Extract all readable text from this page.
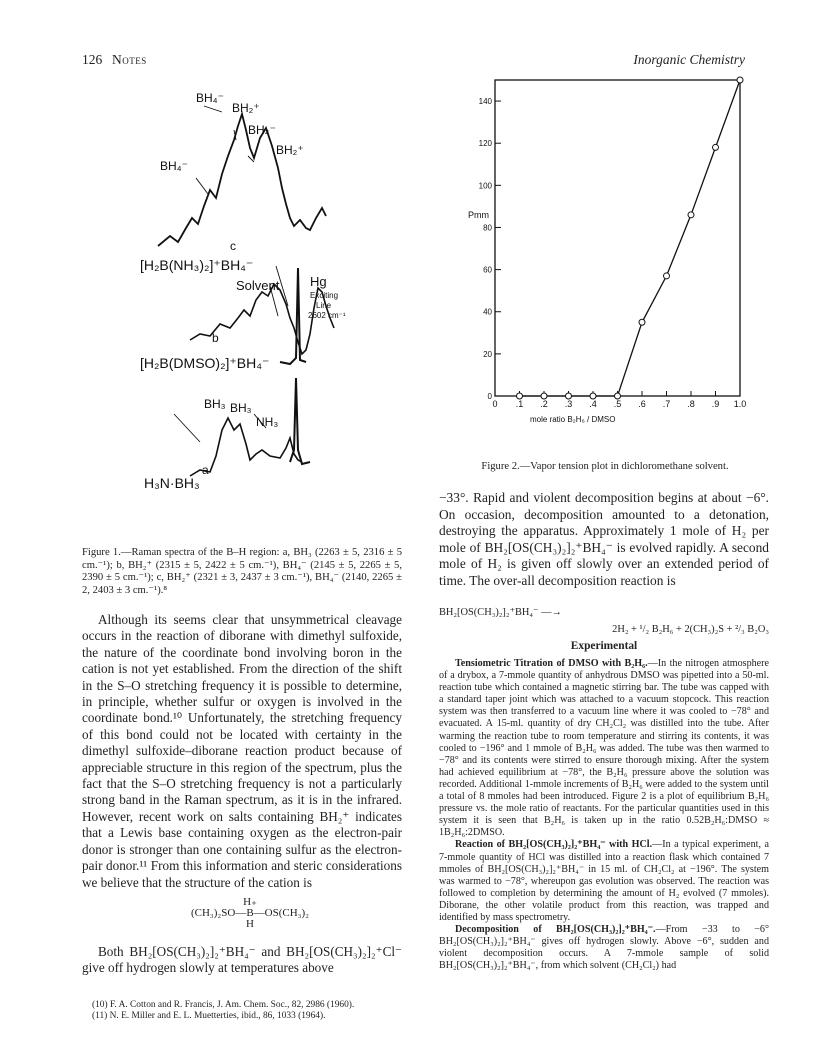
126 Notes	Inorganic Chemistry
BH₄⁻
BH₂⁺
BH₄⁻
BH₂⁺
BH₄⁻
c
[H₂B(NH₃)₂]⁺BH₄⁻
Solvent Hg
Exciting
Line
2602 cm⁻¹
b
[H₂B(DMSO)₂]⁺BH₄⁻
BH₃ BH₃
NH₃
a
H₃N·BH₃
Figure 1.—Raman spectra of the B–H region: a, BH₃ (2263 ± 5, 2316 ± 5 cm.⁻¹); b, BH₂⁺ (2315 ± 5, 2422 ± 5 cm.⁻¹), BH₄⁻ (2145 ± 5, 2265 ± 5, 2390 ± 5 cm.⁻¹); c, BH₂⁺ (2321 ± 3, 2437 ± 3 cm.⁻¹), BH₄⁻ (2140, 2265 ± 2, 2403 ± 3 cm.⁻¹).⁸

Although its seems clear that unsymmetrical cleavage occurs in the reaction of diborane with dimethyl sulfoxide, the nature of the coordinate bond involving boron in the cation is not yet established. From the direction of the shift in the S–O stretching frequency it is possible to determine, in principle, whether sulfur or oxygen is involved in the coordinate bond.¹⁰ Unfortunately, the stretching frequency of this bond could not be located with certainty in the dimethyl sulfoxide–diborane reaction product because of appreciable structure in this region of the spectrum, plus the fact that the S–O stretching frequency is not a particularly strong band in the Raman spectrum, as it is in the infrared. However, recent work on salts containing BH₂⁺ indicates that a Lewis base containing oxygen as the electron-pair donor is stronger than one containing sulfur as the electron-pair donor.¹¹ From this information and steric considerations we believe that the structure of the cation is

H₊
(CH₃)₂SO—B—OS(CH₃)₂
H

Both BH₂[OS(CH₃)₂]₂⁺BH₄⁻ and BH₂[OS(CH₃)₂]₂⁺Cl⁻ give off hydrogen slowly at temperatures above

(10) F. A. Cotton and R. Francis, J. Am. Chem. Soc., 82, 2986 (1960).
(11) N. E. Miller and E. L. Muetterties, ibid., 86, 1033 (1964).
0
20
40
60
80
100
120
140
0 .1 .2 .3 .4 .5 .6 .7 .8 .9 1.0
Pmm
mole ratio B₂H₆ / DMSO
Figure 2.—Vapor tension plot in dichloromethane solvent.

−33°. Rapid and violent decomposition begins at about −6°. On occasion, decomposition amounted to a detonation, destroying the apparatus. Approximately 1 mole of H₂ per mole of BH₂[OS(CH₃)₂]₂⁺BH₄⁻ is evolved rapidly. A second mole of H₂ is given off slowly over an extended period of time. The over-all decomposition reaction is

BH₂[OS(CH₃)₂]₂⁺BH₄⁻ —→
2H₂ + ¹/₂ B₂H₆ + 2(CH₃)₂S + ²/₃ B₂O₃
Experimental

Tensiometric Titration of DMSO with B₂H₆.—In the nitrogen atmosphere of a drybox, a 7-mmole quantity of anhydrous DMSO was pipetted into a 50-ml. reaction tube which contained a magnetic stirring bar. The tube was capped with a standard taper joint which was attached to a vacuum stopcock. This reaction system was then transferred to a vacuum line where it was cooled to −78° and evacuated. A 15-ml. quantity of dry CH₂Cl₂ was distilled into the tube. After warming the reaction tube to room temperature and stirring its contents, it was cooled to −196° and 1 mmole of B₂H₆ was added. The tube was then warmed to −78° and its contents were stirred to ensure thorough mixing. After the system had achieved equilibrium at −78°, the B₂H₆ pressure above the solution was recorded. Additional 1-mmole increments of B₂H₆ were added to the system until a total of 8 mmoles had been introduced. Figure 2 is a plot of equilibrium B₂H₆ pressure vs. the mole ratio of reactants. For the particular quantities used in this system it is seen that B₂H₆ is taken up in the ratio 0.52B₂H₆:DMSO ≈ 1B₂H₆:2DMSO.

Reaction of BH₂[OS(CH₃)₂]₂⁺BH₄⁻ with HCl.—In a typical experiment, a 7-mmole quantity of HCl was distilled into a reaction flask which contained 7 mmoles of BH₂[OS(CH₃)₂]₂⁺BH₄⁻ in 15 ml. of CH₂Cl₂ at −196°. The system was warmed to −78°, whereupon gas evolution was observed. The reaction was followed to completion by determining the amount of H₂ evolved (7 mmoles). Diborane, the other volatile product from this reaction, was trapped and identified by mass spectrometry.

Decomposition of BH₂[OS(CH₃)₂]₂⁺BH₄⁻.—From −33 to −6° BH₂[OS(CH₃)₂]₂⁺BH₄⁻ gives off hydrogen slowly. Above −6°, sudden and violent decomposition occurs. A 7-mmole sample of solid BH₂[OS(CH₃)₂]₂⁺BH₄⁻, from which solvent (CH₂Cl₂) had
